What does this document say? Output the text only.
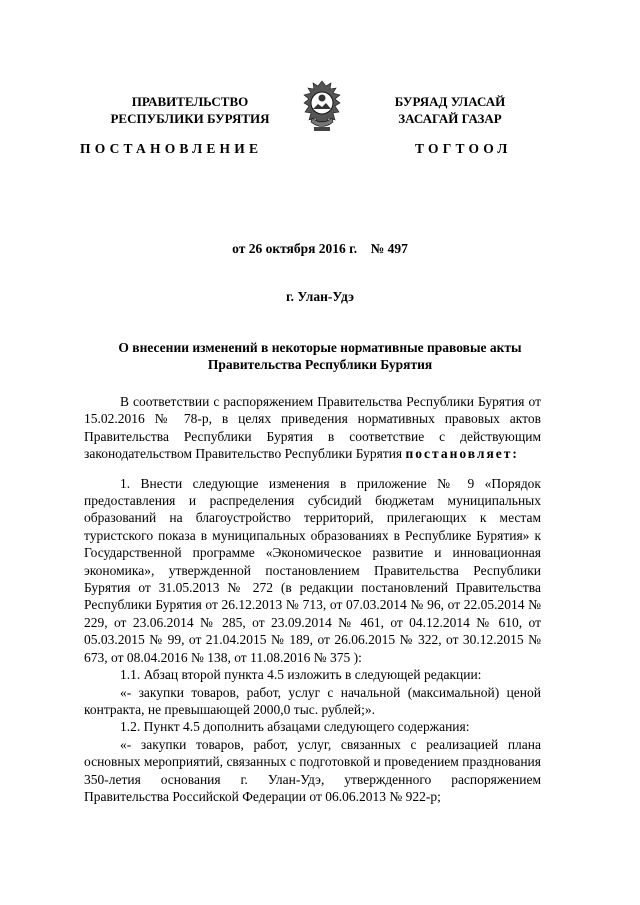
ПРАВИТЕЛЬСТВО
РЕСПУБЛИКИ БУРЯТИЯ
БУРЯАД УЛАСАЙ
ЗАСАГАЙ ГАЗАР
ПОСТАНОВЛЕНИЕ	ТОГТООЛ
от 26 октября 2016 г.    № 497
г. Улан-Удэ
О внесении изменений в некоторые нормативные правовые акты
Правительства Республики Бурятия

В соответствии с распоряжением Правительства Республики Бурятия от 15.02.2016 № 78-р, в целях приведения нормативных правовых актов Правительства Республики Бурятия в соответствие с действующим законодательством Правительство Республики Бурятия постановляет:

1. Внести следующие изменения в приложение № 9 «Порядок предоставления и распределения субсидий бюджетам муниципальных образований на благоустройство территорий, прилегающих к местам туристского показа в муниципальных образованиях в Республике Бурятия» к Государственной программе «Экономическое развитие и инновационная экономика», утвержденной постановлением Правительства Республики Бурятия от 31.05.2013 № 272 (в редакции постановлений Правительства Республики Бурятия от 26.12.2013 № 713, от 07.03.2014 № 96, от 22.05.2014 № 229, от 23.06.2014 № 285, от 23.09.2014 № 461, от 04.12.2014 № 610, от 05.03.2015 № 99, от 21.04.2015 № 189, от 26.06.2015 № 322, от 30.12.2015 № 673, от 08.04.2016 № 138, от 11.08.2016 № 375 ):

1.1. Абзац второй пункта 4.5 изложить в следующей редакции:

«- закупки товаров, работ, услуг с начальной (максимальной) ценой контракта, не превышающей 2000,0 тыс. рублей;».

1.2. Пункт 4.5 дополнить абзацами следующего содержания:

«- закупки товаров, работ, услуг, связанных с реализацией плана основных мероприятий, связанных с подготовкой и проведением празднования 350-летия основания г. Улан-Удэ, утвержденного распоряжением Правительства Российской Федерации от 06.06.2013 № 922-р;
